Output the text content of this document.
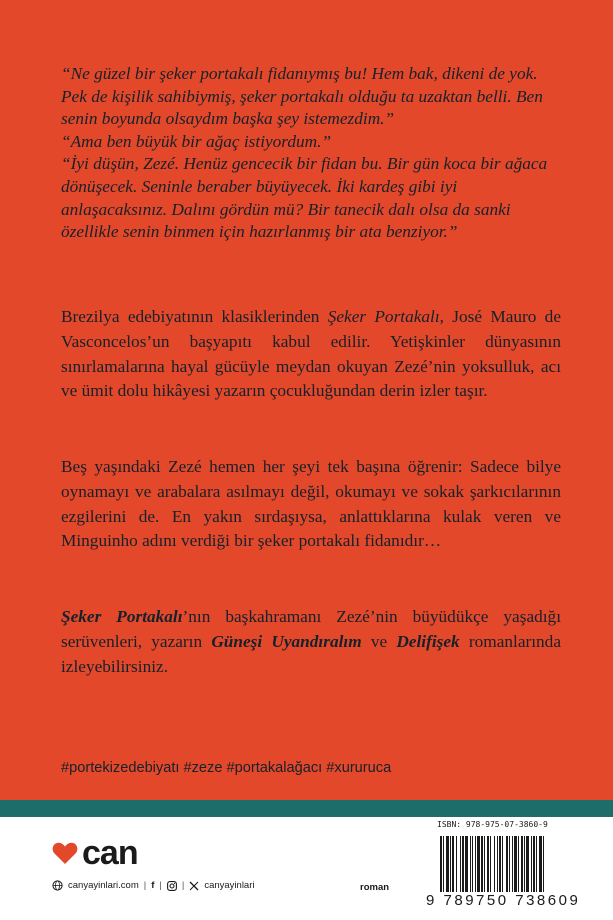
“Ne güzel bir şeker portakalı fidanıymış bu! Hem bak, dikeni de yok. Pek de kişilik sahibiymiş, şeker portakalı olduğu ta uzaktan belli. Ben senin boyunda olsaydım başka şey istemezdim.”

“Ama ben büyük bir ağaç istiyordum.”

“İyi düşün, Zezé. Henüz gencecik bir fidan bu. Bir gün koca bir ağaca dönüşecek. Seninle beraber büyüyecek. İki kardeş gibi iyi anlaşacaksınız. Dalını gördün mü? Bir tanecik dalı olsa da sanki özellikle senin binmen için hazırlanmış bir ata benziyor.”

Brezilya edebiyatının klasiklerinden Şeker Portakalı, José Mauro de Vasconcelos’un başyapıtı kabul edilir. Yetişkinler dünyasının sınırlamalarına hayal gücüyle meydan okuyan Zezé’nin yoksulluk, acı ve ümit dolu hikâyesi yazarın çocukluğundan derin izler taşır.

Beş yaşındaki Zezé hemen her şeyi tek başına öğrenir: Sadece bilye oynamayı ve arabalara asılmayı değil, okumayı ve sokak şarkıcılarının ezgilerini de. En yakın sırdaşıysa, anlattıklarına kulak veren ve Minguinho adını verdiği bir şeker portakalı fidanıdır…

Şeker Portakalı’nın başkahramanı Zezé’nin büyüdükçe yaşadığı serüvenleri, yazarın Güneşi Uyandıralım ve Delifişek romanlarında izleyebilirsiniz.

#portekizedebiyatı #zeze #portakalağacı #xururuca
can
canyayinlari.com | f | | canyayinlari	roman
ISBN: 978-975-07-3860-9
9 789750 738609
